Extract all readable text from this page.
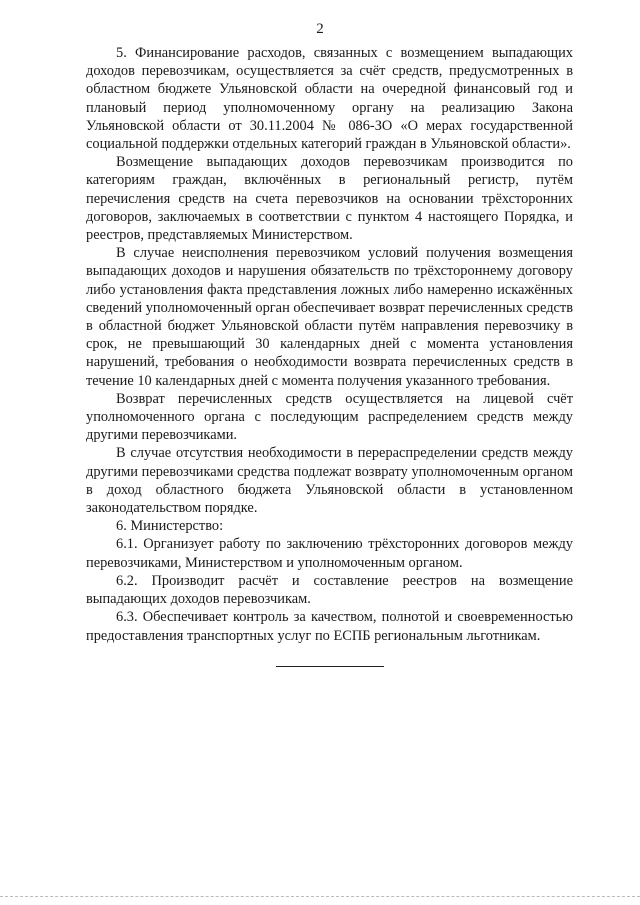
2

5. Финансирование расходов, связанных с возмещением выпадающих доходов перевозчикам, осуществляется за счёт средств, предусмотренных в областном бюджете Ульяновской области на очередной финансовый год и плановый период уполномоченному органу на реализацию Закона Ульяновской области от 30.11.2004 № 086-ЗО «О мерах государственной социальной поддержки отдельных категорий граждан в Ульяновской области».

Возмещение выпадающих доходов перевозчикам производится по категориям граждан, включённых в региональный регистр, путём перечисления средств на счета перевозчиков на основании трёхсторонних договоров, заключаемых в соответствии с пунктом 4 настоящего Порядка, и реестров, представляемых Министерством.

В случае неисполнения перевозчиком условий получения возмещения выпадающих доходов и нарушения обязательств по трёхстороннему договору либо установления факта представления ложных либо намеренно искажённых сведений уполномоченный орган обеспечивает возврат перечисленных средств в областной бюджет Ульяновской области путём направления перевозчику в срок, не превышающий 30 календарных дней с момента установления нарушений, требования о необходимости возврата перечисленных средств в течение 10 календарных дней с момента получения указанного требования.

Возврат перечисленных средств осуществляется на лицевой счёт уполномоченного органа с последующим распределением средств между другими перевозчиками.

В случае отсутствия необходимости в перераспределении средств между другими перевозчиками средства подлежат возврату уполномоченным органом в доход областного бюджета Ульяновской области в установленном законодательством порядке.

6. Министерство:

6.1. Организует работу по заключению трёхсторонних договоров между перевозчиками, Министерством и уполномоченным органом.

6.2. Производит расчёт и составление реестров на возмещение выпадающих доходов перевозчикам.

6.3. Обеспечивает контроль за качеством, полнотой и своевременностью предоставления транспортных услуг по ЕСПБ региональным льготникам.
